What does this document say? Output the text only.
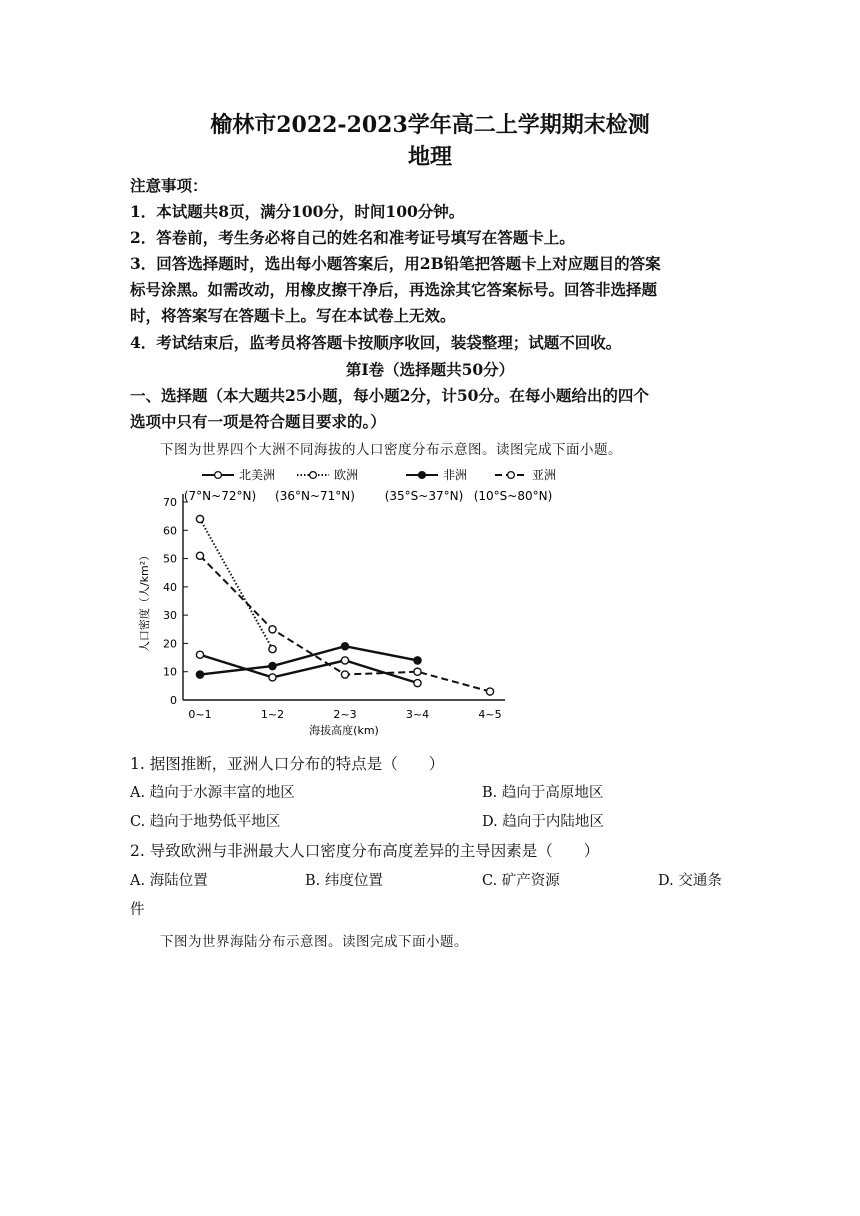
榆林市2022-2023学年高二上学期期末检测
地理
注意事项：
1．本试题共8页，满分100分，时间100分钟。
2．答卷前，考生务必将自己的姓名和准考证号填写在答题卡上。
3．回答选择题时，选出每小题答案后，用2B铅笔把答题卡上对应题目的答案
标号涂黑。如需改动，用橡皮擦干净后，再选涂其它答案标号。回答非选择题
时，将答案写在答题卡上。写在本试卷上无效。
4．考试结束后，监考员将答题卡按顺序收回，装袋整理；试题不回收。
第I卷（选择题共50分）
一、选择题（本大题共25小题，每小题2分，计50分。在每小题给出的四个
选项中只有一项是符合题目要求的。）
下图为世界四个大洲不同海拔的人口密度分布示意图。读图完成下面小题。
北美洲
(7°N~72°N)
欧洲
(36°N~71°N)
非洲
(35°S~37°N)
亚洲
(10°S~80°N)
0
10
20
30
40
50
60
70
0~1	1~2	2~3	3~4	4~5
海拔高度(km)
人口密度（人/km²）
1. 据图推断，亚洲人口分布的特点是（　　）
A. 趋向于水源丰富的地区	B. 趋向于高原地区
C. 趋向于地势低平地区	D. 趋向于内陆地区
2. 导致欧洲与非洲最大人口密度分布高度差异的主导因素是（　　）
A. 海陆位置	B. 纬度位置	C. 矿产资源	D. 交通条
件
下图为世界海陆分布示意图。读图完成下面小题。
